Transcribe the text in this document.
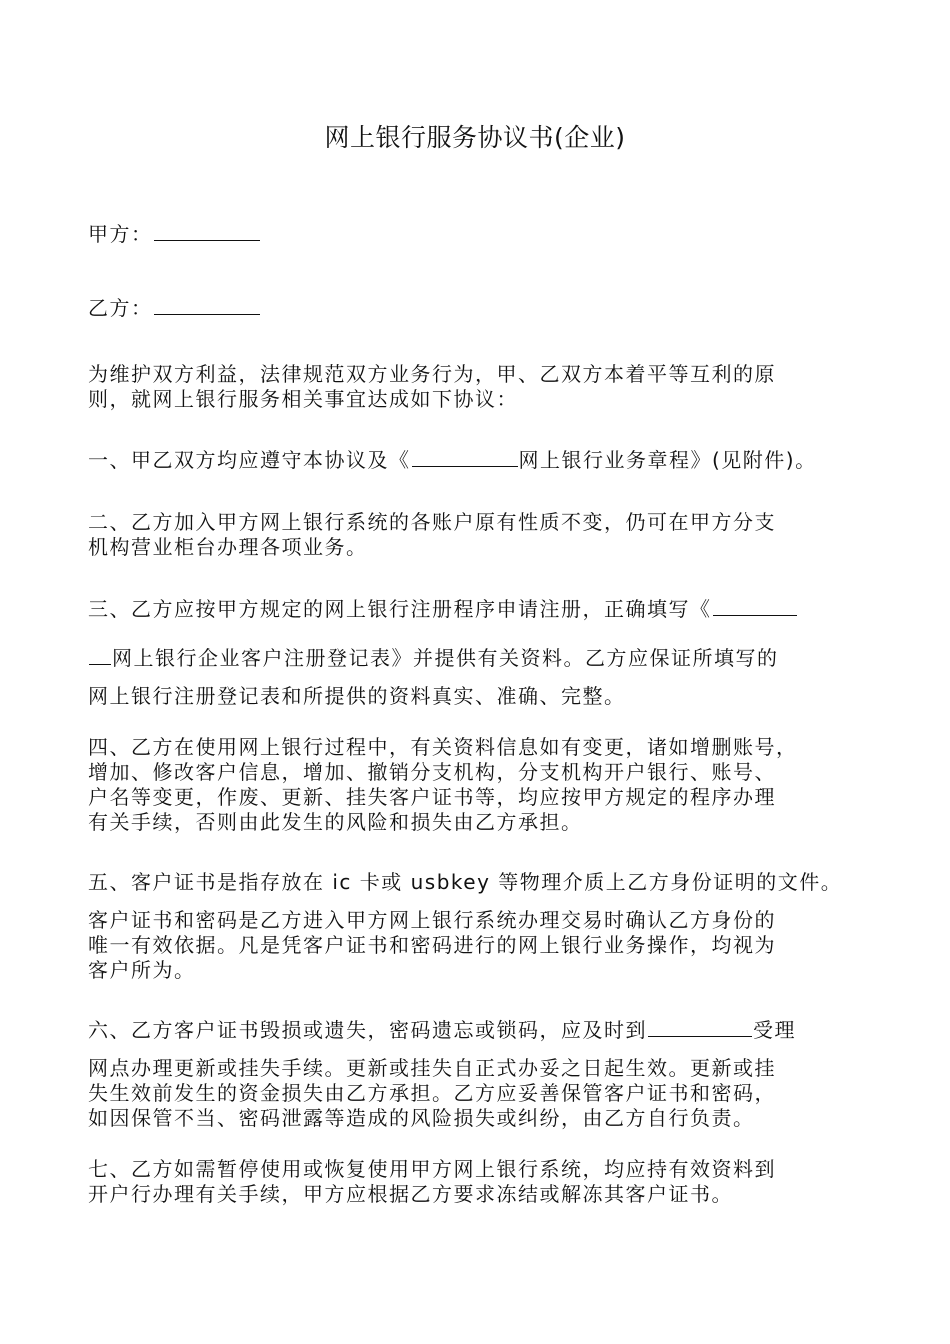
网上银行服务协议书(企业)
甲方：
乙方：
为维护双方利益，法律规范双方业务行为，甲、乙双方本着平等互利的原
则，就网上银行服务相关事宜达成如下协议：
一、甲乙双方均应遵守本协议及《	网上银行业务章程》(见附件)。
二、乙方加入甲方网上银行系统的各账户原有性质不变，仍可在甲方分支
机构营业柜台办理各项业务。
三、乙方应按甲方规定的网上银行注册程序申请注册，正确填写《
网上银行企业客户注册登记表》并提供有关资料。乙方应保证所填写的
网上银行注册登记表和所提供的资料真实、准确、完整。
四、乙方在使用网上银行过程中，有关资料信息如有变更，诸如增删账号，
增加、修改客户信息，增加、撤销分支机构，分支机构开户银行、账号、
户名等变更，作废、更新、挂失客户证书等，均应按甲方规定的程序办理
有关手续，否则由此发生的风险和损失由乙方承担。
五、客户证书是指存放在 ic 卡或 usbkey 等物理介质上乙方身份证明的文件。
客户证书和密码是乙方进入甲方网上银行系统办理交易时确认乙方身份的
唯一有效依据。凡是凭客户证书和密码进行的网上银行业务操作，均视为
客户所为。
六、乙方客户证书毁损或遗失，密码遗忘或锁码，应及时到	受理
网点办理更新或挂失手续。更新或挂失自正式办妥之日起生效。更新或挂
失生效前发生的资金损失由乙方承担。乙方应妥善保管客户证书和密码，
如因保管不当、密码泄露等造成的风险损失或纠纷，由乙方自行负责。
七、乙方如需暂停使用或恢复使用甲方网上银行系统，均应持有效资料到
开户行办理有关手续，甲方应根据乙方要求冻结或解冻其客户证书。
